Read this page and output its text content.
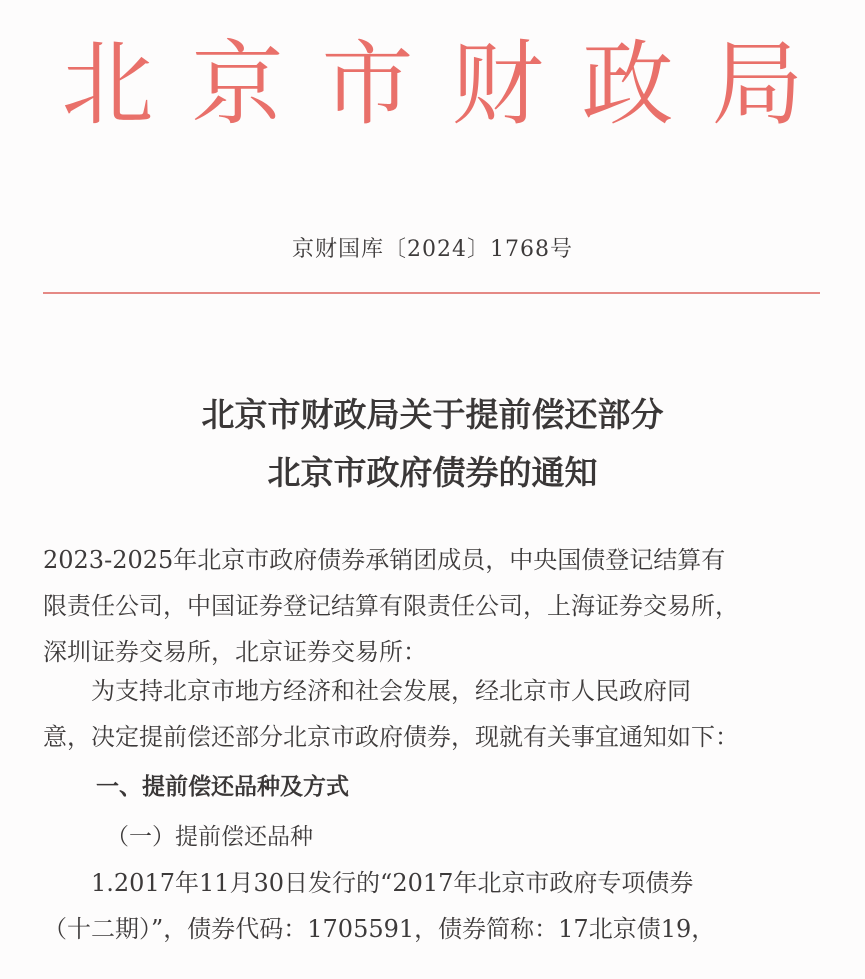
北京市财政局
京财国库〔2024〕1768号
北京市财政局关于提前偿还部分
北京市政府债券的通知
2023-2025年北京市政府债券承销团成员，中央国债登记结算有
限责任公司，中国证券登记结算有限责任公司，上海证券交易所，
深圳证券交易所，北京证券交易所：
为支持北京市地方经济和社会发展，经北京市人民政府同
意，决定提前偿还部分北京市政府债券，现就有关事宜通知如下：
一、提前偿还品种及方式
（一）提前偿还品种
1.2017年11月30日发行的“2017年北京市政府专项债券
（十二期）”，债券代码：1705591，债券简称：17北京债19，
